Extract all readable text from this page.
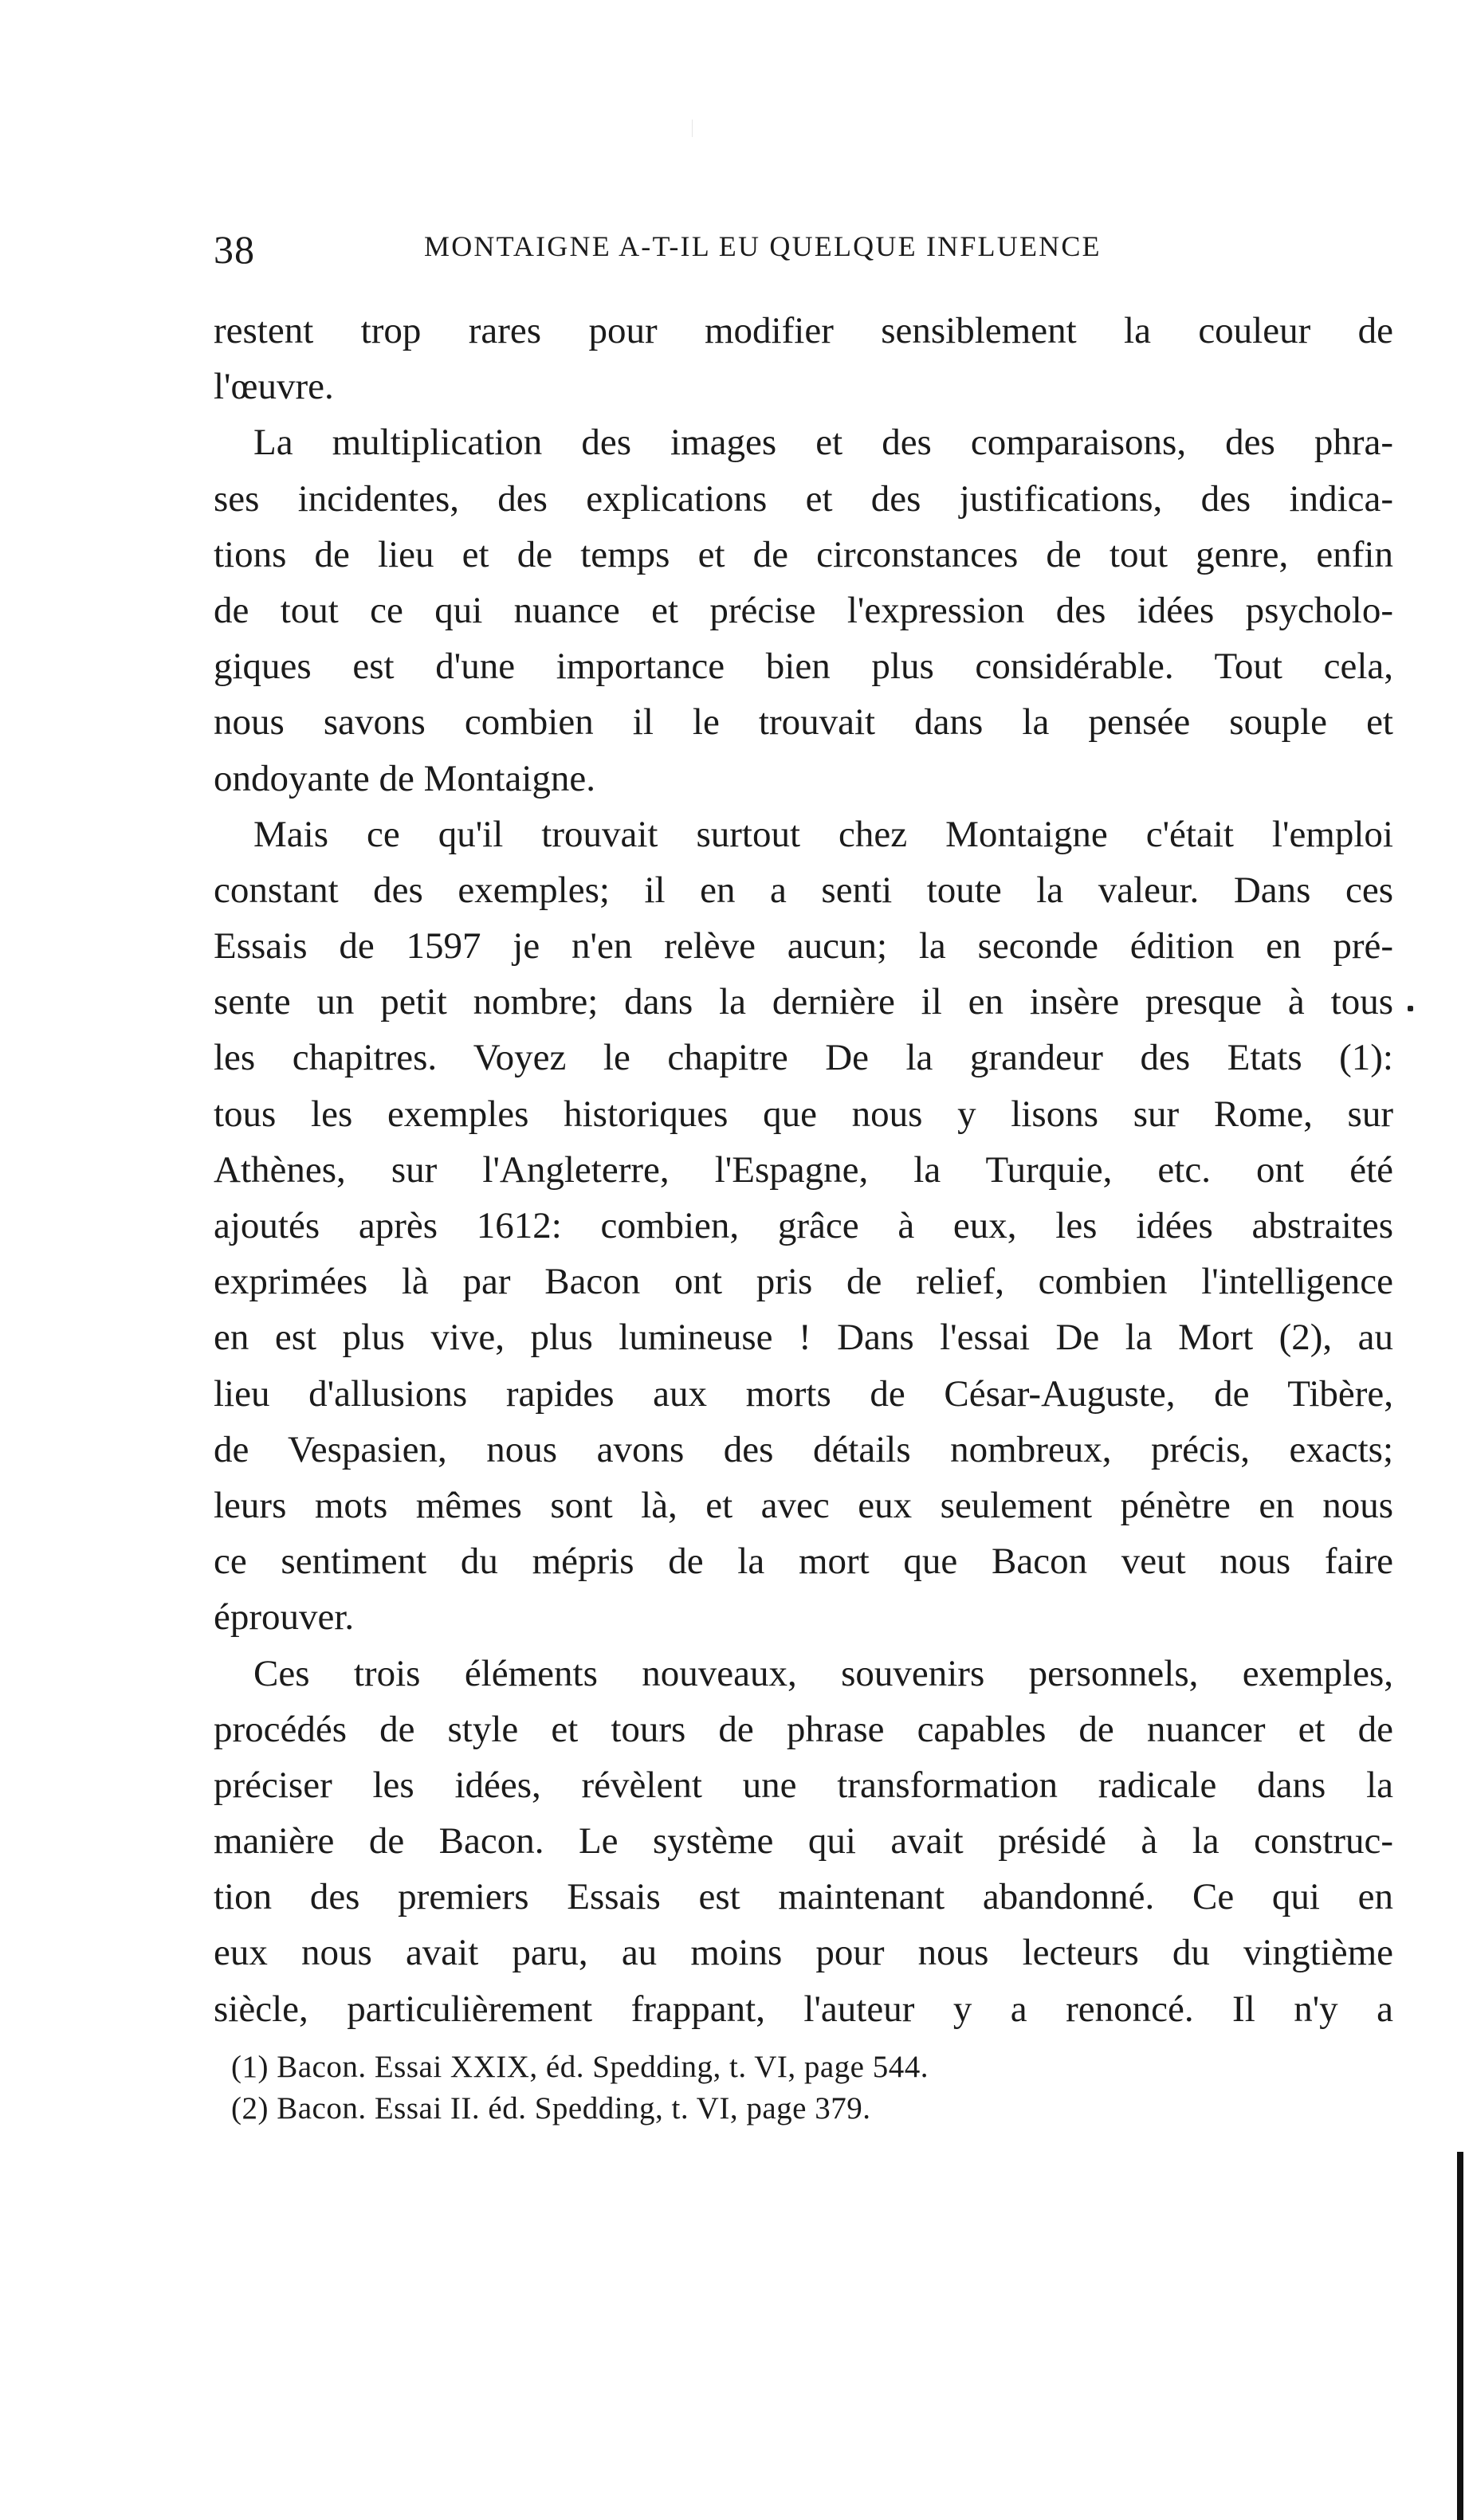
38	MONTAIGNE A-T-IL EU QUELQUE INFLUENCE
restent trop rares pour modifier sensiblement la couleur de
l'œuvre.
La multiplication des images et des comparaisons, des phra-
ses incidentes, des explications et des justifications, des indica-
tions de lieu et de temps et de circonstances de tout genre, enfin
de tout ce qui nuance et précise l'expression des idées psycholo-
giques est d'une importance bien plus considérable. Tout cela,
nous savons combien il le trouvait dans la pensée souple et
ondoyante de Montaigne.
Mais ce qu'il trouvait surtout chez Montaigne c'était l'emploi
constant des exemples; il en a senti toute la valeur. Dans ces
Essais de 1597 je n'en relève aucun; la seconde édition en pré-
sente un petit nombre; dans la dernière il en insère presque à tous
les chapitres. Voyez le chapitre De la grandeur des Etats (1):
tous les exemples historiques que nous y lisons sur Rome, sur
Athènes, sur l'Angleterre, l'Espagne, la Turquie, etc. ont été
ajoutés après 1612: combien, grâce à eux, les idées abstraites
exprimées là par Bacon ont pris de relief, combien l'intelligence
en est plus vive, plus lumineuse ! Dans l'essai De la Mort (2), au
lieu d'allusions rapides aux morts de César-Auguste, de Tibère,
de Vespasien, nous avons des détails nombreux, précis, exacts;
leurs mots mêmes sont là, et avec eux seulement pénètre en nous
ce sentiment du mépris de la mort que Bacon veut nous faire
éprouver.
Ces trois éléments nouveaux, souvenirs personnels, exemples,
procédés de style et tours de phrase capables de nuancer et de
préciser les idées, révèlent une transformation radicale dans la
manière de Bacon. Le système qui avait présidé à la construc-
tion des premiers Essais est maintenant abandonné. Ce qui en
eux nous avait paru, au moins pour nous lecteurs du vingtième
siècle, particulièrement frappant, l'auteur y a renoncé. Il n'y a
(1) Bacon. Essai XXIX, éd. Spedding, t. VI, page 544.
(2) Bacon. Essai II. éd. Spedding, t. VI, page 379.
